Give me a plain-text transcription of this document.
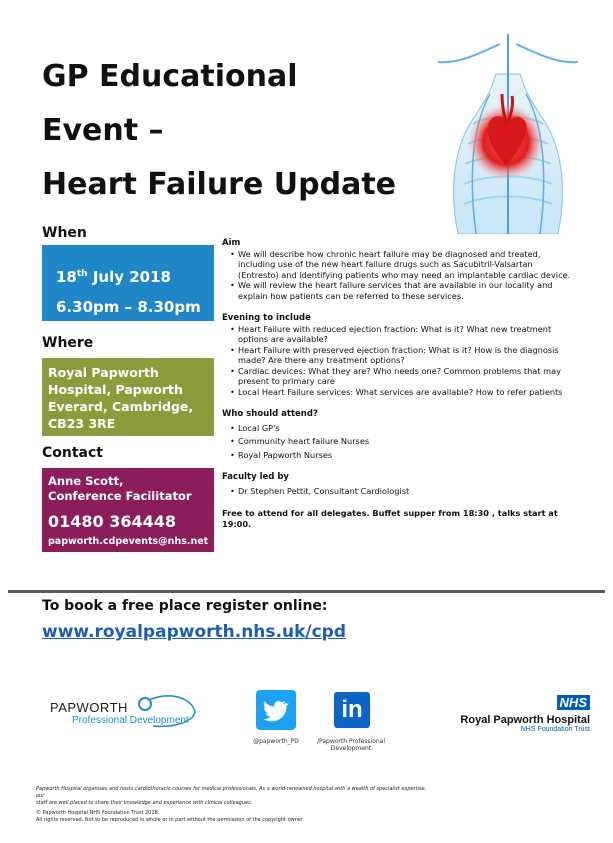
GP Educational
Event –
Heart Failure Update
When
18th July 2018
6.30pm – 8.30pm
Where
Royal Papworth
Hospital, Papworth
Everard, Cambridge,
CB23 3RE
Contact
Anne Scott,
Conference Facilitator
01480 364448
papworth.cdpevents@nhs.net
Aim
• We will describe how chronic heart failure may be diagnosed and treated, including use of the new heart failure drugs such as Sacubitril-Valsartan (Entresto) and identifying patients who may need an implantable cardiac device.
• We will review the heart failure services that are available in our locality and explain how patients can be referred to these services.
Evening to include
• Heart Failure with reduced ejection fraction: What is it? What new treatment options are available?
• Heart Failure with preserved ejection fraction: What is it? How is the diagnosis made? Are there any treatment options?
• Cardiac devices: What they are? Who needs one? Common problems that may present to primary care
• Local Heart Failure services: What services are available? How to refer patients
Who should attend?
• Local GP's
• Community heart failure Nurses
• Royal Papworth Nurses
Faculty led by
• Dr Stephen Pettit, Consultant Cardiologist
Free to attend for all delegates. Buffet supper from 18:30 , talks start at 19:00.
To book a free place register online:
www.royalpapworth.nhs.uk/cpd
PAPWORTH
Professional Development
@papworth_PD
in
/Papworth Professional
Development
NHS
Royal Papworth Hospital
NHS Foundation Trust
Papworth Hospital organises and hosts cardiothoracic courses for medical professionals. As a world-renowned hospital with a wealth of specialist expertise, our
staff are well placed to share their knowledge and experience with clinical colleagues.
© Papworth Hospital NHS Foundation Trust 2018.
All rights reserved. Not to be reproduced in whole or in part without the permission of the copyright owner.
